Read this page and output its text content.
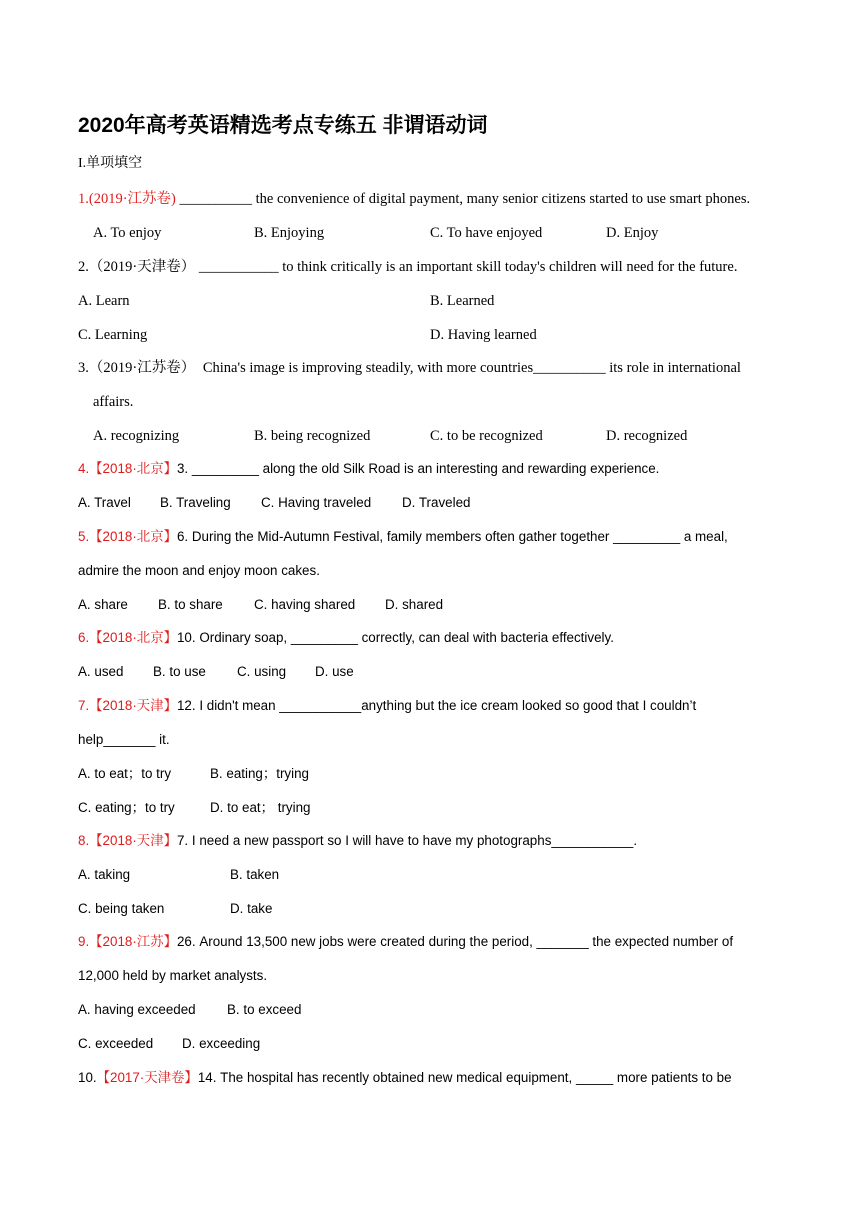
2020年高考英语精选考点专练五 非谓语动词
I.单项填空
1.(2019·江苏卷) __________ the convenience of digital payment, many senior citizens started to use smart phones.
A. To enjoy	B. Enjoying	C. To have enjoyed	D. Enjoy
2.（2019·天津卷） ___________ to think critically is an important skill today's children will need for the future.
A. Learn	B. Learned
C. Learning	D. Having learned
3.（2019·江苏卷） China's image is improving steadily, with more countries__________ its role in international
affairs.
A. recognizing	B. being recognized	C. to be recognized	D. recognized
4.【2018·北京】3. _________ along the old Silk Road is an interesting and rewarding experience.
A. Travel B. Traveling C. Having traveled D. Traveled
5.【2018·北京】6. During the Mid-Autumn Festival, family members often gather together _________ a meal,
admire the moon and enjoy moon cakes.
A. share B. to share C. having shared D. shared
6.【2018·北京】10. Ordinary soap, _________ correctly, can deal with bacteria effectively.
A. used B. to use C. using D. use
7.【2018·天津】12. I didn't mean ___________anything but the ice cream looked so good that I couldn’t
help_______ it.
A. to eat；to try	B. eating；trying
C. eating；to try	D. to eat； trying
8.【2018·天津】7. I need a new passport so I will have to have my photographs___________.
A. taking	B. taken
C. being taken	D. take
9.【2018·江苏】26. Around 13,500 new jobs were created during the period, _______ the expected number of
12,000 held by market analysts.
A. having exceeded B. to exceed
C. exceeded D. exceeding
10.【2017·天津卷】14. The hospital has recently obtained new medical equipment, _____ more patients to be
